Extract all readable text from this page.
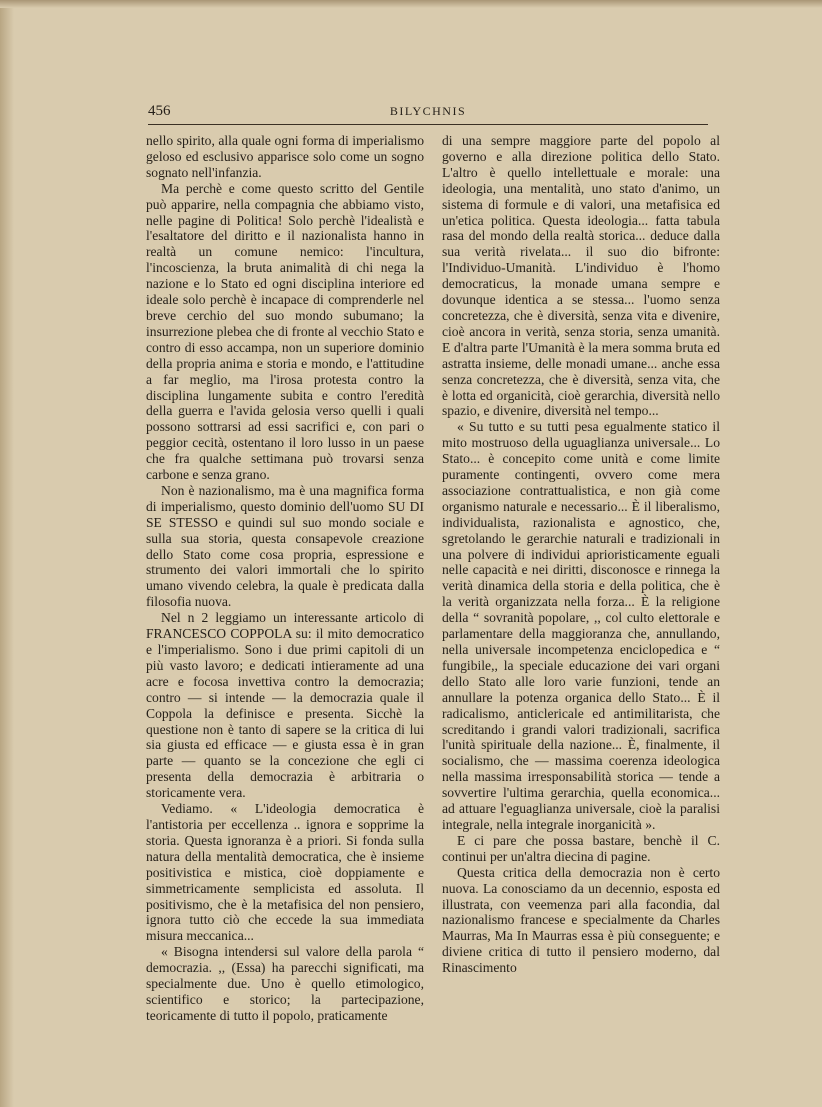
456	BILYCHNIS

nello spirito, alla quale ogni forma di imperialismo geloso ed esclusivo apparisce solo come un sogno sognato nell'infanzia.

Ma perchè e come questo scritto del Gentile può apparire, nella compagnia che abbiamo visto, nelle pagine di Politica! Solo perchè l'idealistà e l'esaltatore del diritto e il nazionalista hanno in realtà un comune nemico: l'incultura, l'incoscienza, la bruta animalità di chi nega la nazione e lo Stato ed ogni disciplina interiore ed ideale solo perchè è incapace di comprenderle nel breve cerchio del suo mondo subumano; la insurrezione plebea che di fronte al vecchio Stato e contro di esso accampa, non un superiore dominio della propria anima e storia e mondo, e l'attitudine a far meglio, ma l'irosa protesta contro la disciplina lungamente subita e contro l'eredità della guerra e l'avida gelosia verso quelli i quali possono sottrarsi ad essi sacrifici e, con pari o peggior cecità, ostentano il loro lusso in un paese che fra qualche settimana può trovarsi senza carbone e senza grano.

Non è nazionalismo, ma è una magnifica forma di imperialismo, questo dominio dell'uomo SU DI SE STESSO e quindi sul suo mondo sociale e sulla sua storia, questa consapevole creazione dello Stato come cosa propria, espressione e strumento dei valori immortali che lo spirito umano vivendo celebra, la quale è predicata dalla filosofia nuova.

Nel n 2 leggiamo un interessante articolo di FRANCESCO COPPOLA su: il mito democratico e l'imperialismo. Sono i due primi capitoli di un più vasto lavoro; e dedicati intieramente ad una acre e focosa invettiva contro la democrazia; contro — si intende — la democrazia quale il Coppola la definisce e presenta. Sicchè la questione non è tanto di sapere se la critica di lui sia giusta ed efficace — e giusta essa è in gran parte — quanto se la concezione che egli ci presenta della democrazia è arbitraria o storicamente vera.

Vediamo. « L'ideologia democratica è l'antistoria per eccellenza .. ignora e sopprime la storia. Questa ignoranza è a priori. Si fonda sulla natura della mentalità democratica, che è insieme positivistica e mistica, cioè doppiamente e simmetricamente semplicista ed assoluta. Il positivismo, che è la metafisica del non pensiero, ignora tutto ciò che eccede la sua immediata misura meccanica...

« Bisogna intendersi sul valore della parola “ democrazia. ,, (Essa) ha parecchi significati, ma specialmente due. Uno è quello etimologico, scientifico e storico; la partecipazione, teoricamente di tutto il popolo, praticamente

di una sempre maggiore parte del popolo al governo e alla direzione politica dello Stato. L'altro è quello intellettuale e morale: una ideologia, una mentalità, uno stato d'animo, un sistema di formule e di valori, una metafisica ed un'etica politica. Questa ideologia... fatta tabula rasa del mondo della realtà storica... deduce dalla sua verità rivelata... il suo dio bifronte: l'Individuo-Umanità. L'individuo è l'homo democraticus, la monade umana sempre e dovunque identica a se stessa... l'uomo senza concretezza, che è diversità, senza vita e divenire, cioè ancora in verità, senza storia, senza umanità. E d'altra parte l'Umanità è la mera somma bruta ed astratta insieme, delle monadi umane... anche essa senza concretezza, che è diversità, senza vita, che è lotta ed organicità, cioè gerarchia, diversità nello spazio, e divenire, diversità nel tempo...

« Su tutto e su tutti pesa egualmente statico il mito mostruoso della uguaglianza universale... Lo Stato... è concepito come unità e come limite puramente contingenti, ovvero come mera associazione contrattualistica, e non già come organismo naturale e necessario... È il liberalismo, individualista, razionalista e agnostico, che, sgretolando le gerarchie naturali e tradizionali in una polvere di individui aprioristicamente eguali nelle capacità e nei diritti, disconosce e rinnega la verità dinamica della storia e della politica, che è la verità organizzata nella forza... È la religione della “ sovranità popolare, ,, col culto elettorale e parlamentare della maggioranza che, annullando, nella universale incompetenza enciclopedica e “ fungibile,, la speciale educazione dei vari organi dello Stato alle loro varie funzioni, tende an annullare la potenza organica dello Stato... È il radicalismo, anticlericale ed antimilitarista, che screditando i grandi valori tradizionali, sacrifica l'unità spirituale della nazione... È, finalmente, il socialismo, che — massima coerenza ideologica nella massima irresponsabilità storica — tende a sovvertire l'ultima gerarchia, quella economica... ad attuare l'eguaglianza universale, cioè la paralisi integrale, nella integrale inorganicità ».

E ci pare che possa bastare, benchè il C. continui per un'altra diecina di pagine.

Questa critica della democrazia non è certo nuova. La conosciamo da un decennio, esposta ed illustrata, con veemenza pari alla facondia, dal nazionalismo francese e specialmente da Charles Maurras, Ma In Maurras essa è più conseguente; e diviene critica di tutto il pensiero moderno, dal Rinascimento
